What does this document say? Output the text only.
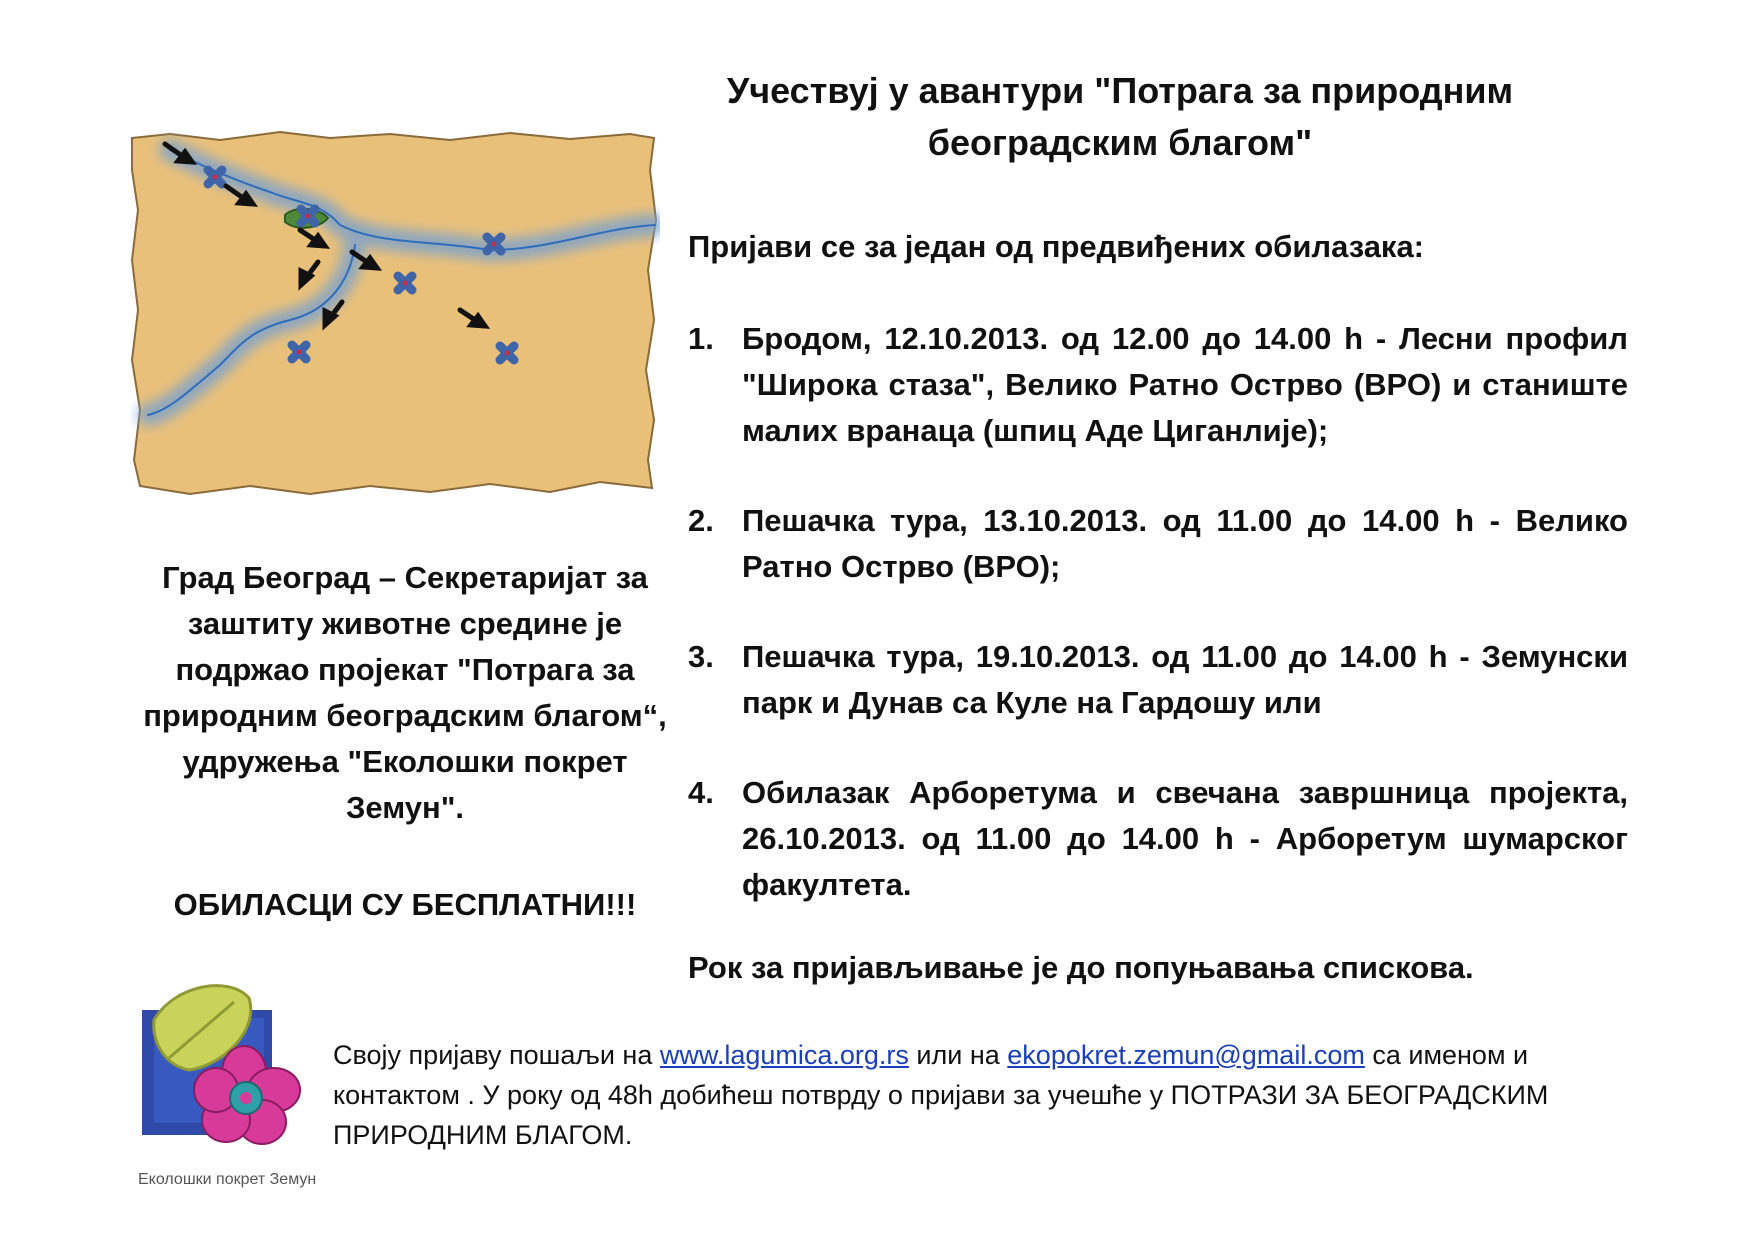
Учествуј у авантури "Потрага за природним
београдским благом"
Град Београд – Секретаријат за заштиту животне средине је подржао пројекат "Потрага за природним београдским благом“, удружења "Еколошки покрет Земун".
ОБИЛАСЦИ СУ БЕСПЛАТНИ!!!
Пријави се за један од предвиђених обилазака:
1. Бродом, 12.10.2013. од 12.00 до 14.00 h - Лесни профил "Широка стаза", Велико Ратно Острво (ВРО) и станиште малих вранаца (шпиц Аде Циганлије);
2. Пешачка тура, 13.10.2013. од 11.00 до 14.00 h - Велико Ратно Острво (ВРО);
3. Пешачка тура, 19.10.2013. од 11.00 до 14.00 h - Земунски парк и Дунав са Куле на Гардошу или
4. Обилазак Арборетума и свечана завршница пројекта, 26.10.2013. од 11.00 до 14.00 h - Арборетум шумарског факултета.
Рок за пријављивање је до попуњавања спискова.
Еколошки покрет Земун
Своју пријаву пошаљи на www.lagumica.org.rs или на ekopokret.zemun@gmail.com са именом и контактом . У року од 48h добићеш потврду о пријави за учешће у ПОТРАЗИ ЗА БЕОГРАДСКИМ ПРИРОДНИМ БЛАГОМ.
